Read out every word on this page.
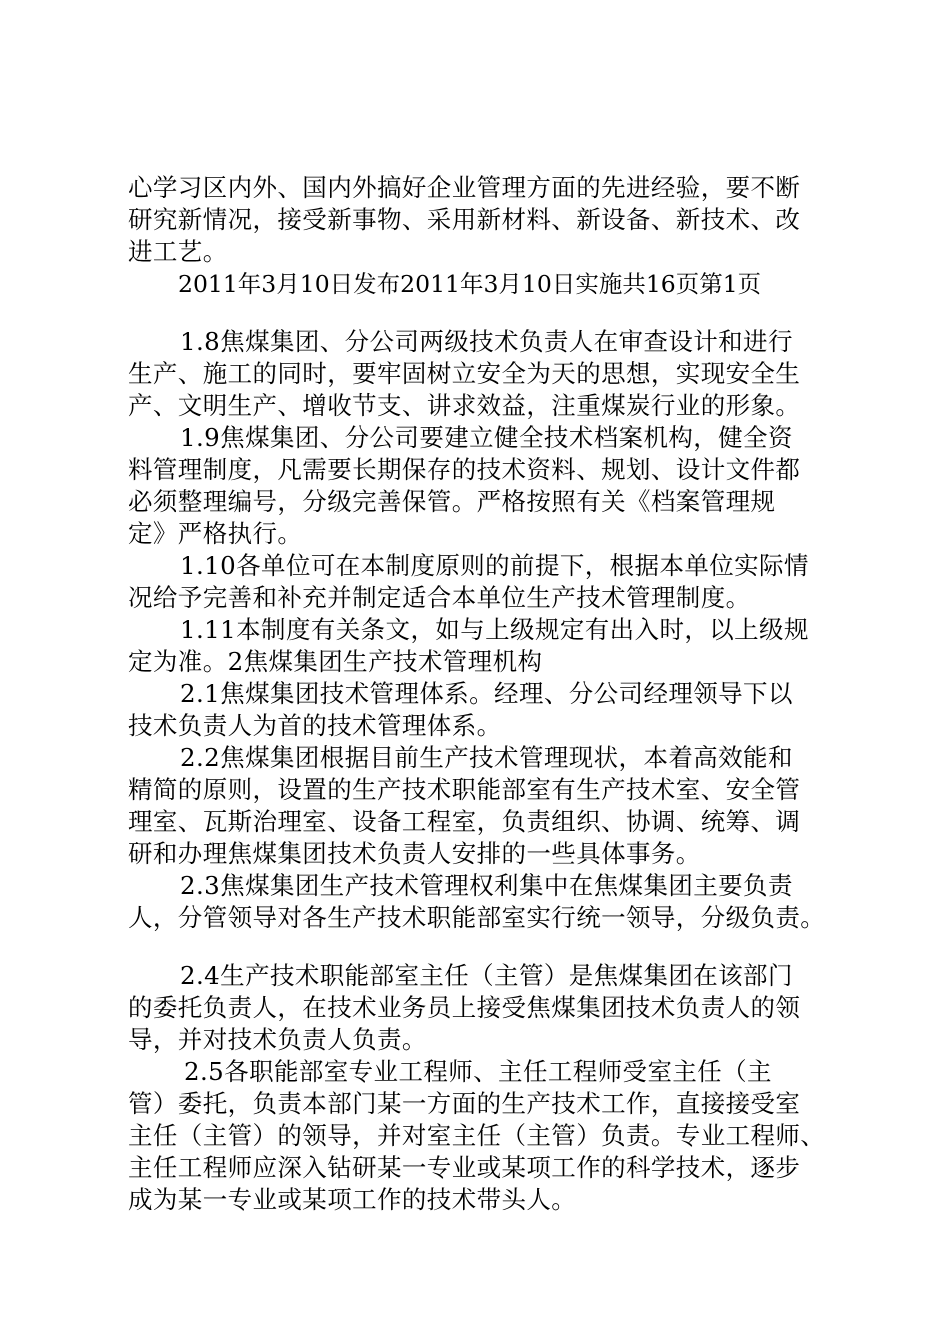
心学习区内外、国内外搞好企业管理方面的先进经验，要不断
研究新情况，接受新事物、采用新材料、新设备、新技术、改
进工艺。
2011年3月10日发布2011年3月10日实施共16页第1页
1.8焦煤集团、分公司两级技术负责人在审查设计和进行
生产、施工的同时，要牢固树立安全为天的思想，实现安全生
产、文明生产、增收节支、讲求效益，注重煤炭行业的形象。
1.9焦煤集团、分公司要建立健全技术档案机构，健全资
料管理制度，凡需要长期保存的技术资料、规划、设计文件都
必须整理编号，分级完善保管。严格按照有关《档案管理规
定》严格执行。
1.10各单位可在本制度原则的前提下，根据本单位实际情
况给予完善和补充并制定适合本单位生产技术管理制度。
1.11本制度有关条文，如与上级规定有出入时，以上级规
定为准。2焦煤集团生产技术管理机构
2.1焦煤集团技术管理体系。经理、分公司经理领导下以
技术负责人为首的技术管理体系。
2.2焦煤集团根据目前生产技术管理现状，本着高效能和
精简的原则，设置的生产技术职能部室有生产技术室、安全管
理室、瓦斯治理室、设备工程室，负责组织、协调、统筹、调
研和办理焦煤集团技术负责人安排的一些具体事务。
2.3焦煤集团生产技术管理权利集中在焦煤集团主要负责
人，分管领导对各生产技术职能部室实行统一领导，分级负责。
2.4生产技术职能部室主任（主管）是焦煤集团在该部门
的委托负责人，在技术业务员上接受焦煤集团技术负责人的领
导，并对技术负责人负责。
2.5各职能部室专业工程师、主任工程师受室主任（主
管）委托，负责本部门某一方面的生产技术工作，直接接受室
主任（主管）的领导，并对室主任（主管）负责。专业工程师、
主任工程师应深入钻研某一专业或某项工作的科学技术，逐步
成为某一专业或某项工作的技术带头人。
